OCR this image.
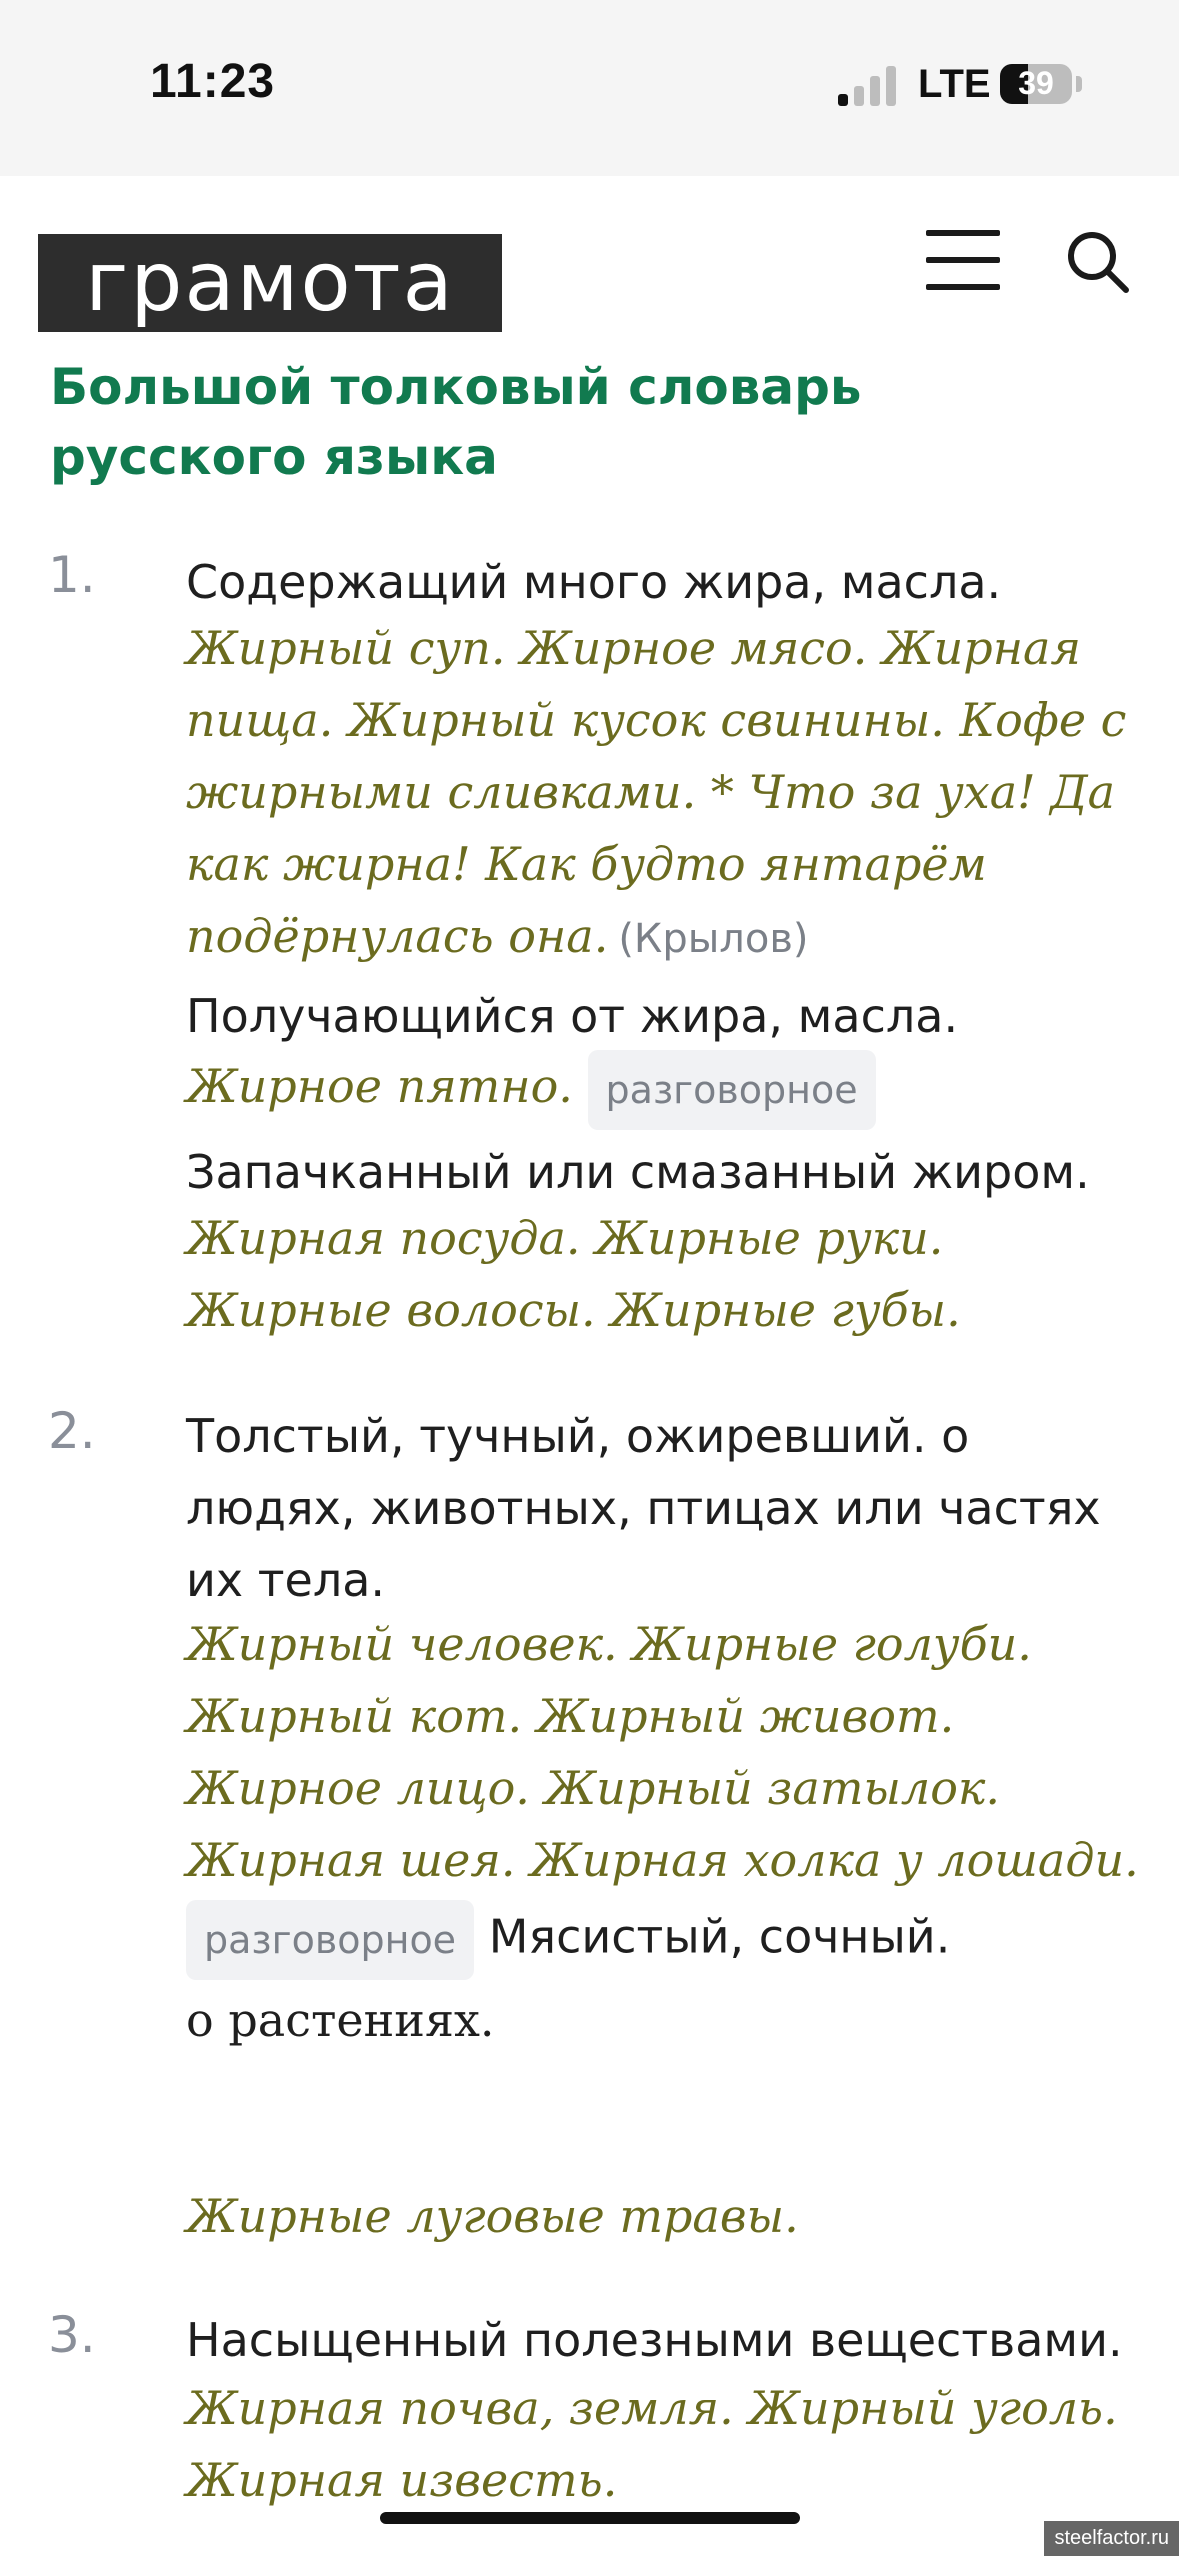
11:23	LTE 39
грамота
Большой толковый словарь русского языка
1. Содержащий много жира, масла.
Жирный суп. Жирное мясо. Жирная пища. Жирный кусок свинины. Кофе с жирными сливками. * Что за уха! Да как жирна! Как будто янтарём подёрнулась она. (Крылов)
Получающийся от жира, масла.
Жирное пятно. разговорное
Запачканный или смазанный жиром.
Жирная посуда. Жирные руки. Жирные волосы. Жирные губы.
2. Толстый, тучный, ожиревший. о людях, животных, птицах или частях их тела.
Жирный человек. Жирные голуби. Жирный кот. Жирный живот. Жирное лицо. Жирный затылок. Жирная шея. Жирная холка у лошади.
разговорное Мясистый, сочный.
о растениях.
Жирные луговые травы.
3. Насыщенный полезными веществами.
Жирная почва, земля. Жирный уголь. Жирная известь.
steelfactor.ru
